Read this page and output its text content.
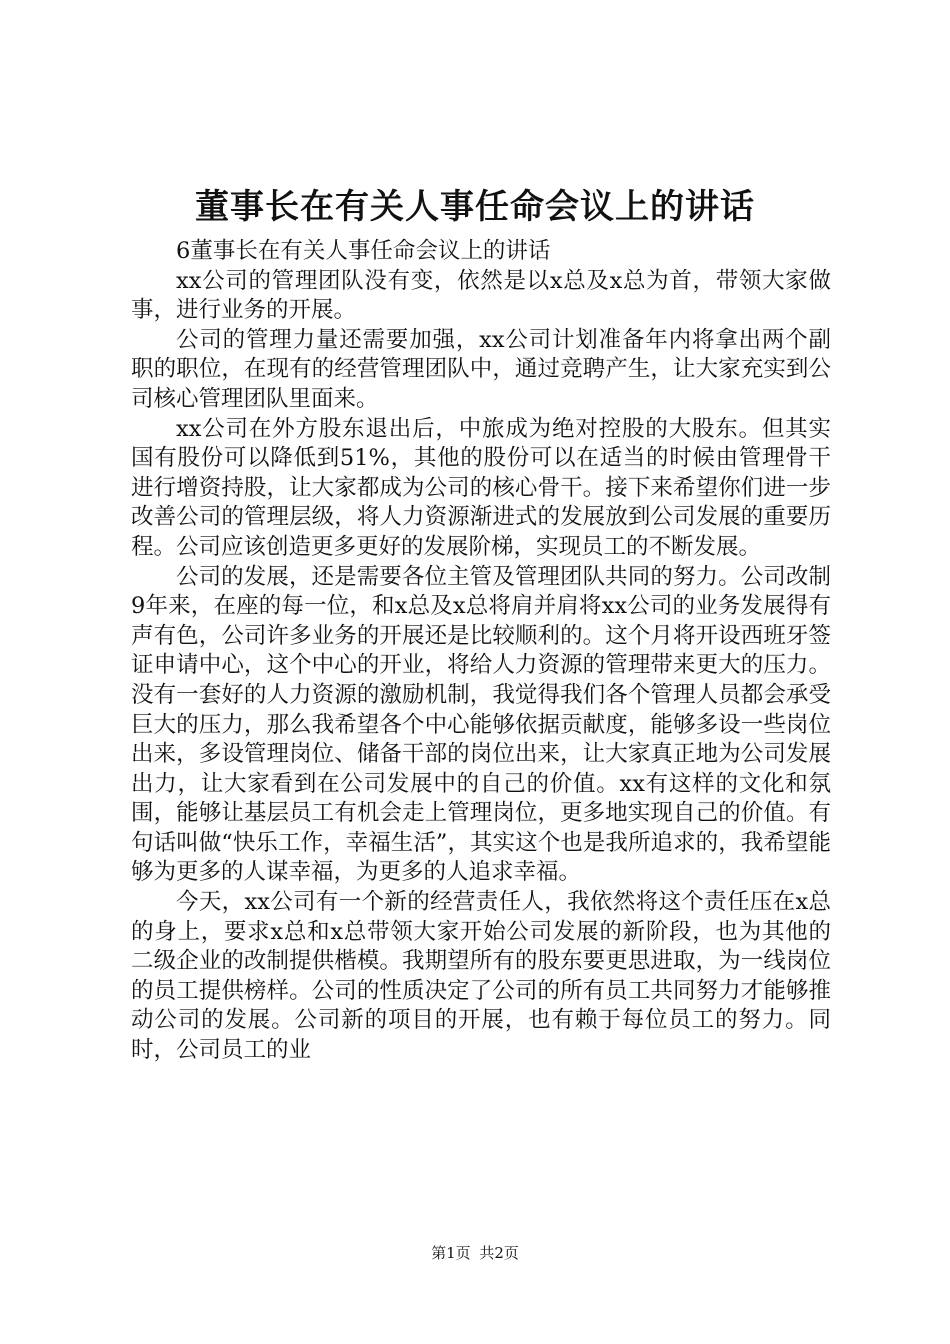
董事长在有关人事任命会议上的讲话

6董事长在有关人事任命会议上的讲话

xx公司的管理团队没有变，依然是以x总及x总为首，带领大家做事，进行业务的开展。

公司的管理力量还需要加强，xx公司计划准备年内将拿出两个副职的职位，在现有的经营管理团队中，通过竞聘产生，让大家充实到公司核心管理团队里面来。

xx公司在外方股东退出后，中旅成为绝对控股的大股东。但其实国有股份可以降低到51%，其他的股份可以在适当的时候由管理骨干进行增资持股，让大家都成为公司的核心骨干。接下来希望你们进一步改善公司的管理层级，将人力资源渐进式的发展放到公司发展的重要历程。公司应该创造更多更好的发展阶梯，实现员工的不断发展。

公司的发展，还是需要各位主管及管理团队共同的努力。公司改制9年来，在座的每一位，和x总及x总将肩并肩将xx公司的业务发展得有声有色，公司许多业务的开展还是比较顺利的。这个月将开设西班牙签证申请中心，这个中心的开业，将给人力资源的管理带来更大的压力。没有一套好的人力资源的激励机制，我觉得我们各个管理人员都会承受巨大的压力，那么我希望各个中心能够依据贡献度，能够多设一些岗位出来，多设管理岗位、储备干部的岗位出来，让大家真正地为公司发展出力，让大家看到在公司发展中的自己的价值。xx有这样的文化和氛围，能够让基层员工有机会走上管理岗位，更多地实现自己的价值。有句话叫做“快乐工作，幸福生活”，其实这个也是我所追求的，我希望能够为更多的人谋幸福，为更多的人追求幸福。

今天，xx公司有一个新的经营责任人，我依然将这个责任压在x总的身上，要求x总和x总带领大家开始公司发展的新阶段，也为其他的二级企业的改制提供楷模。我期望所有的股东要更思进取，为一线岗位的员工提供榜样。公司的性质决定了公司的所有员工共同努力才能够推动公司的发展。公司新的项目的开展，也有赖于每位员工的努力。同时，公司员工的业

第1页 共2页
